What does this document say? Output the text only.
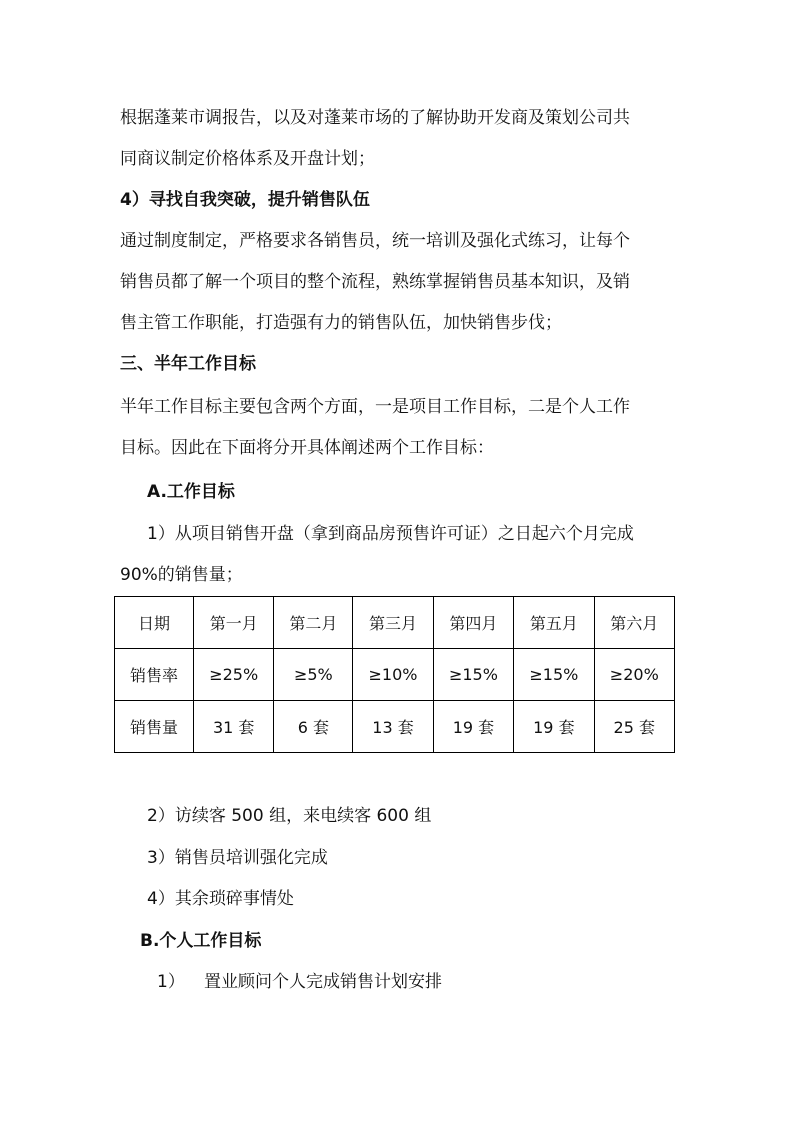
根据蓬莱市调报告，以及对蓬莱市场的了解协助开发商及策划公司共
同商议制定价格体系及开盘计划；
4）寻找自我突破，提升销售队伍
通过制度制定，严格要求各销售员，统一培训及强化式练习，让每个
销售员都了解一个项目的整个流程，熟练掌握销售员基本知识，及销
售主管工作职能，打造强有力的销售队伍，加快销售步伐；
三、半年工作目标
半年工作目标主要包含两个方面，一是项目工作目标，二是个人工作
目标。因此在下面将分开具体阐述两个工作目标：
A.工作目标
1）从项目销售开盘（拿到商品房预售许可证）之日起六个月完成
90%的销售量；
日期	第一月	第二月	第三月	第四月	第五月	第六月
销售率	≥25%	≥5%	≥10%	≥15%	≥15%	≥20%
销售量	31 套	6 套	13 套	19 套	19 套	25 套
2）访续客 500 组，来电续客 600 组
3）销售员培训强化完成
4）其余琐碎事情处
B.个人工作目标
1） 置业顾问个人完成销售计划安排
